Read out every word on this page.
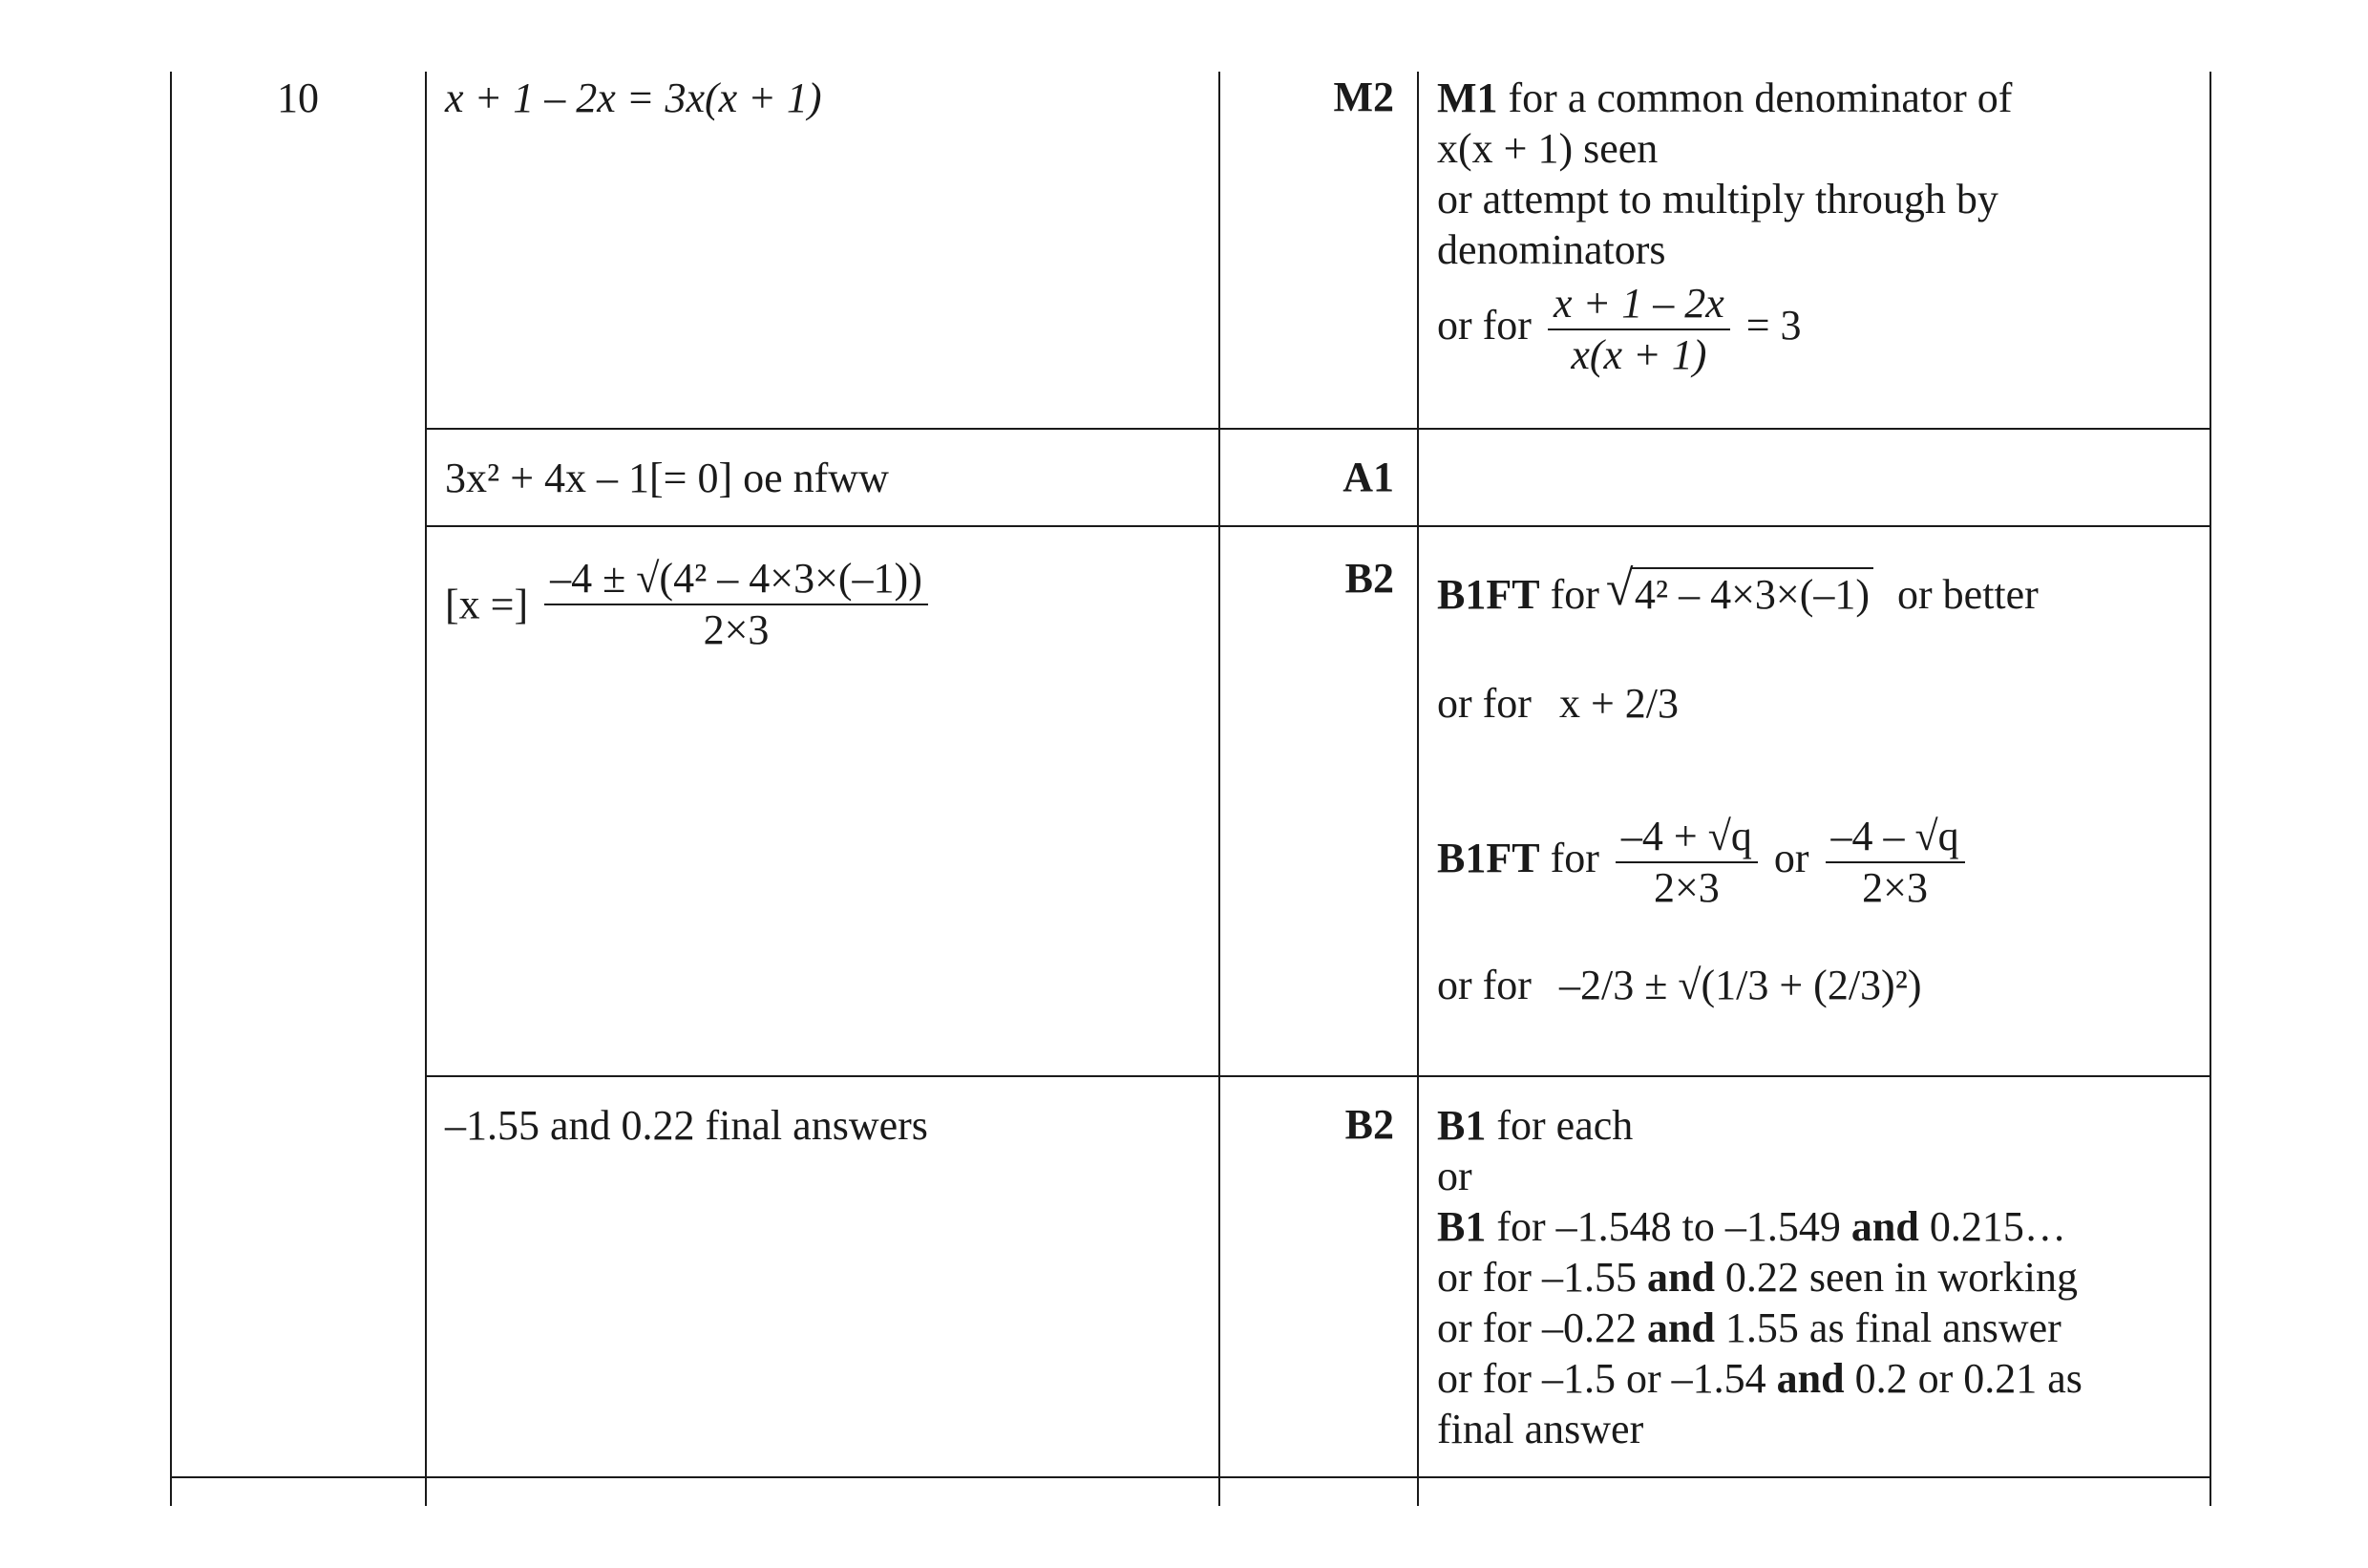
10	x + 1 – 2x = 3x(x + 1)	M2 M1 for a common denominator of
x(x + 1) seen
or attempt to multiply through by
denominators
or for $\frac{x + 1 - 2x}{x(x + 1)} = 3$
3x² + 4x – 1[= 0] oe nfww	A1
[x =] $\frac{\text{–4 ± √(4² – 4×3×(–1))}}{2\times 3}$	B2 B1FT for √ 4² – 4×3×(–1) or better
or for x + 2/3
B1FT for $\frac{-4 + √q}{2\times 3}$ or $\frac{-4 - √q}{2\times 3}$
or for –2/3 ± √(1/3 + (2/3)²)
–1.55 and 0.22 final answers	B2 B1 for each
or
B1 for –1.548 to –1.549 and 0.215…
or for –1.55 and 0.22 seen in working
or for –0.22 and 1.55 as final answer
or for –1.5 or –1.54 and 0.2 or 0.21 as
final answer
